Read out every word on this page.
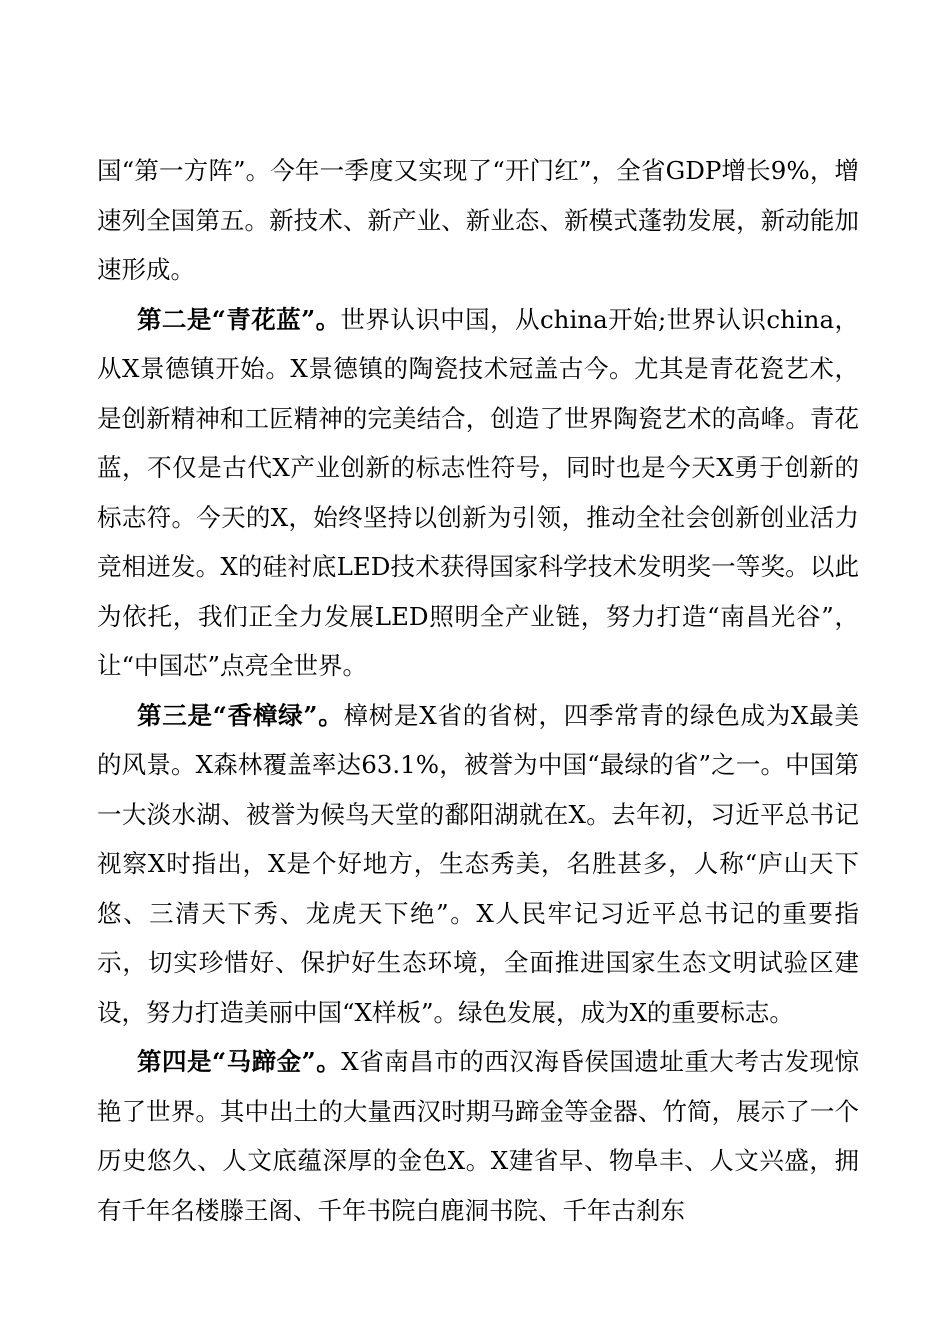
国“第一方阵”。今年一季度又实现了“开门红”，全省GDP增长9%，增速列全国第五。新技术、新产业、新业态、新模式蓬勃发展，新动能加速形成。

第二是“青花蓝”。世界认识中国，从china开始;世界认识china，从X景德镇开始。X景德镇的陶瓷技术冠盖古今。尤其是青花瓷艺术，是创新精神和工匠精神的完美结合，创造了世界陶瓷艺术的高峰。青花蓝，不仅是古代X产业创新的标志性符号，同时也是今天X勇于创新的标志符。今天的X，始终坚持以创新为引领，推动全社会创新创业活力竞相迸发。X的硅衬底LED技术获得国家科学技术发明奖一等奖。以此为依托，我们正全力发展LED照明全产业链，努力打造“南昌光谷”，让“中国芯”点亮全世界。

第三是“香樟绿”。樟树是X省的省树，四季常青的绿色成为X最美的风景。X森林覆盖率达63.1%，被誉为中国“最绿的省”之一。中国第一大淡水湖、被誉为候鸟天堂的鄱阳湖就在X。去年初，习近平总书记视察X时指出，X是个好地方，生态秀美，名胜甚多，人称“庐山天下悠、三清天下秀、龙虎天下绝”。X人民牢记习近平总书记的重要指示，切实珍惜好、保护好生态环境，全面推进国家生态文明试验区建设，努力打造美丽中国“X样板”。绿色发展，成为X的重要标志。

第四是“马蹄金”。X省南昌市的西汉海昏侯国遗址重大考古发现惊艳了世界。其中出土的大量西汉时期马蹄金等金器、竹简，展示了一个历史悠久、人文底蕴深厚的金色X。X建省早、物阜丰、人文兴盛，拥有千年名楼滕王阁、千年书院白鹿洞书院、千年古刹东
